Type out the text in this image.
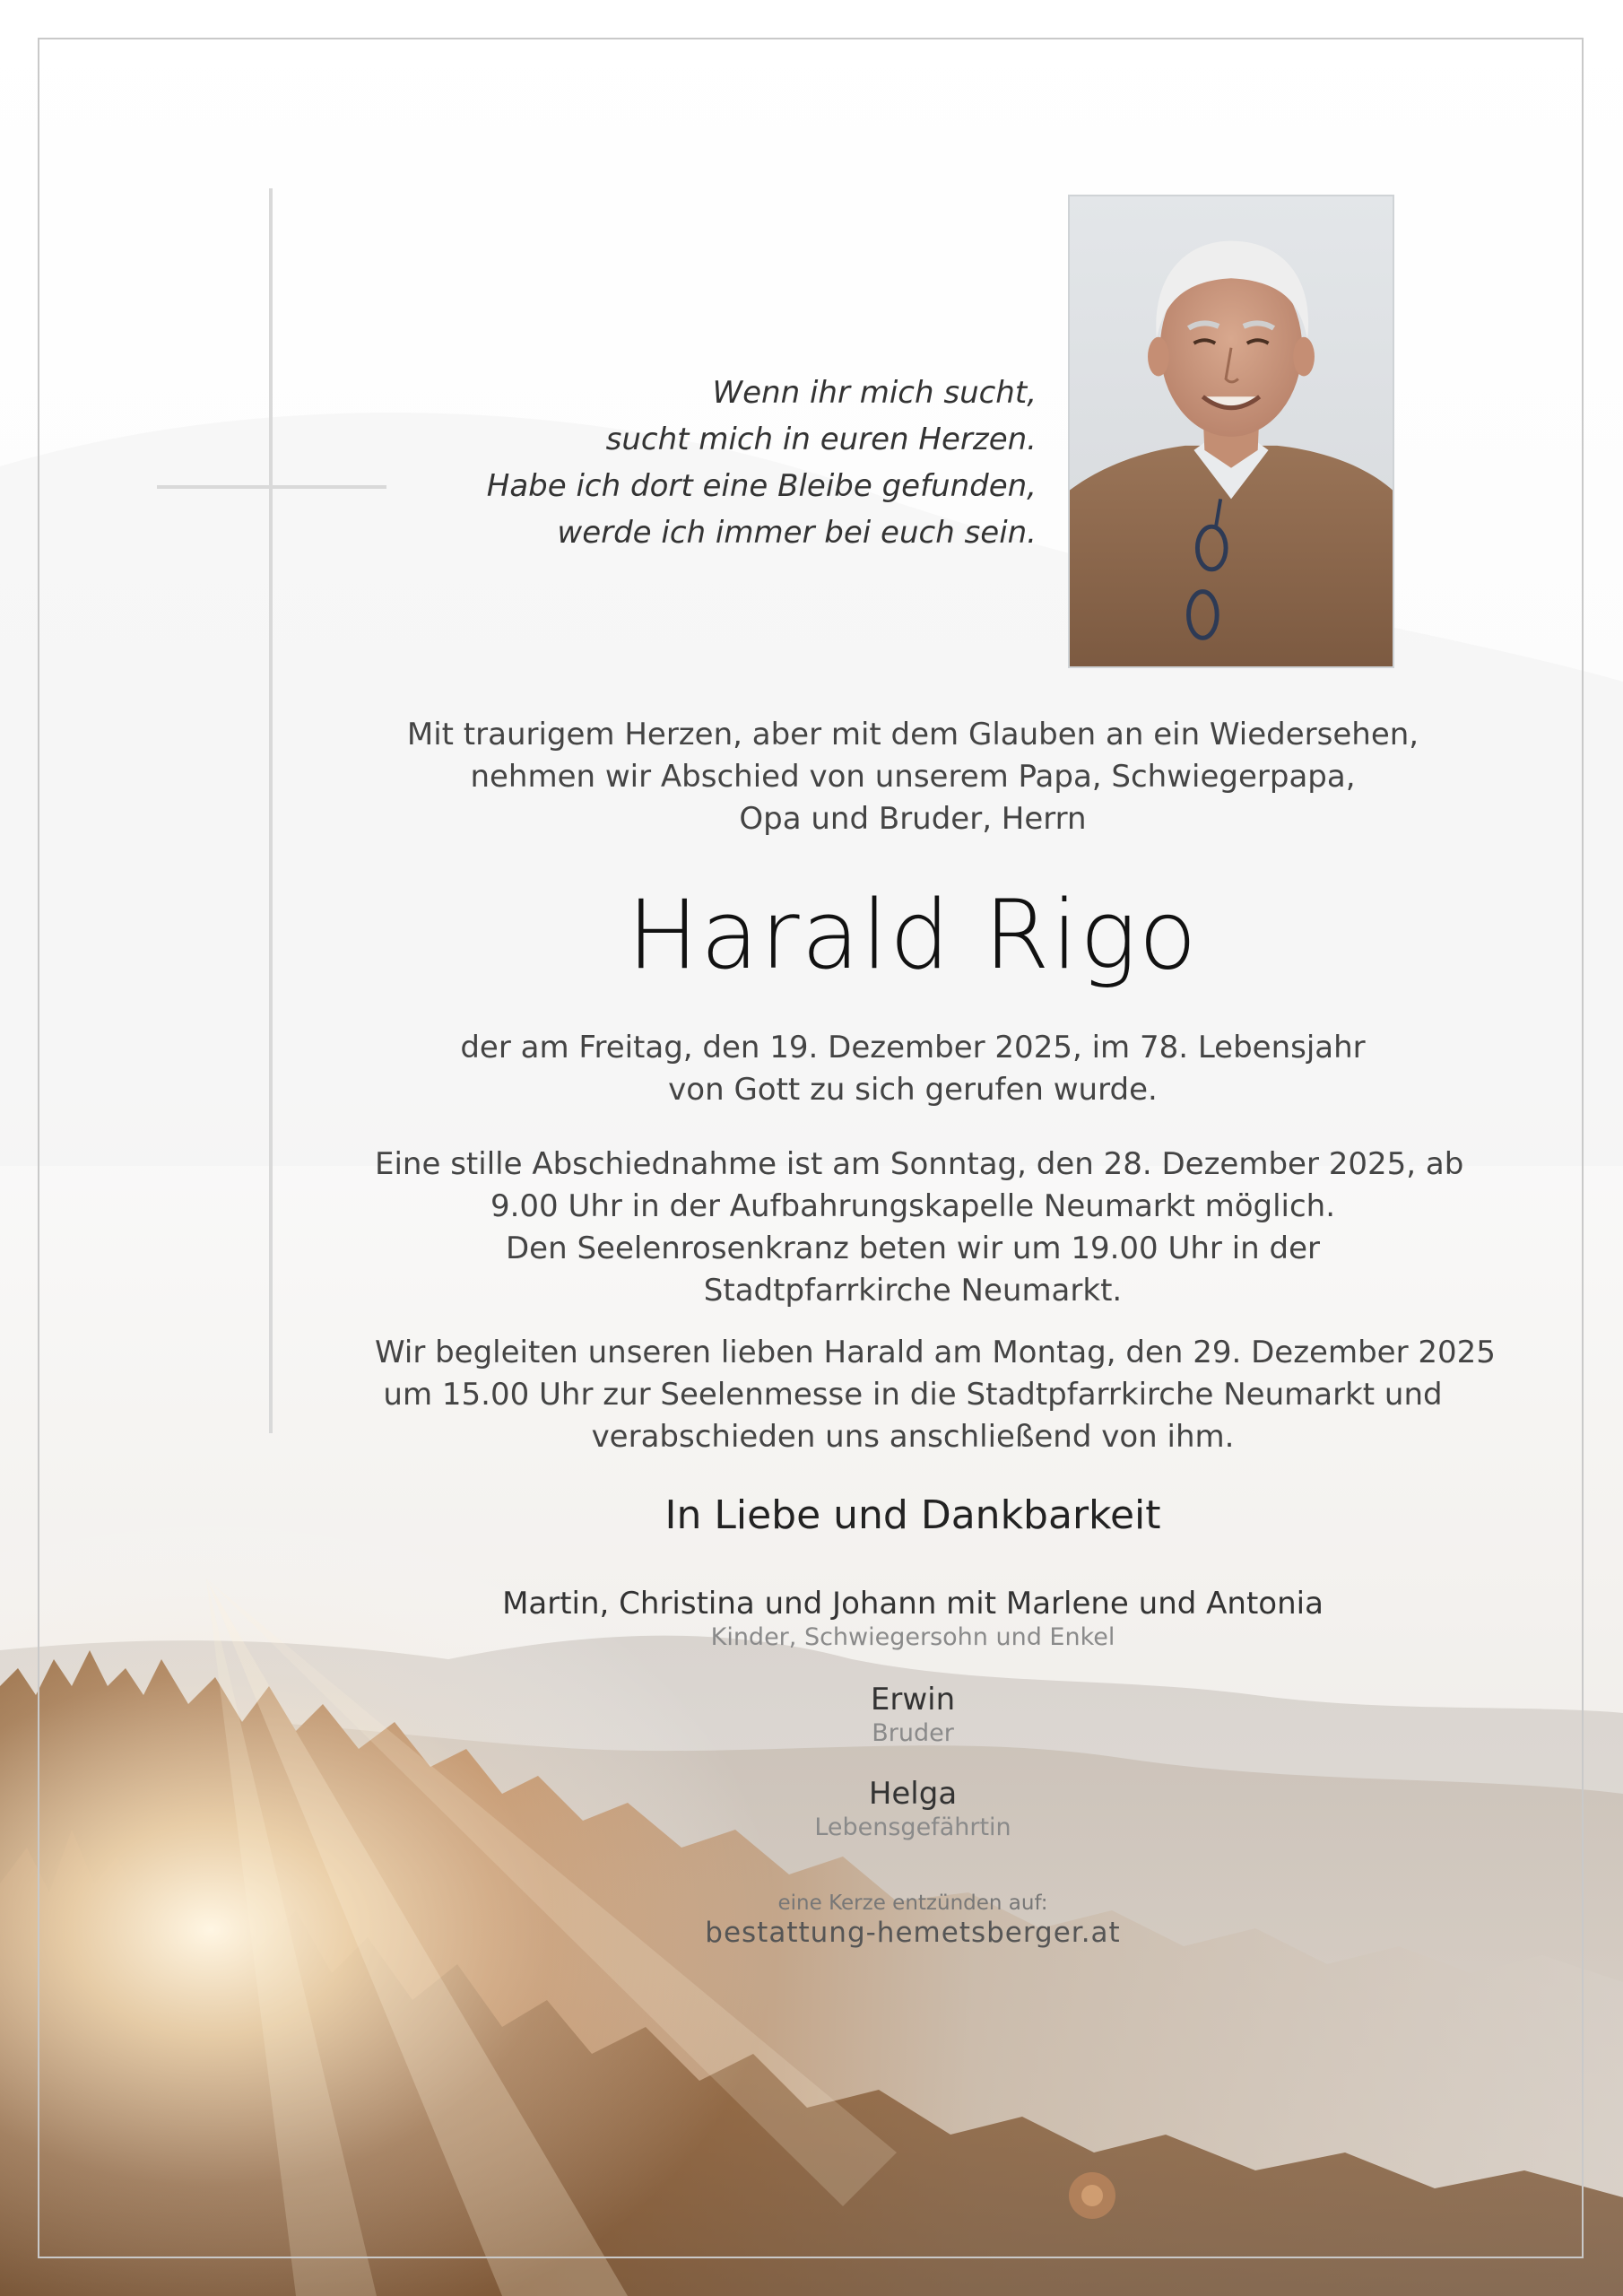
Wenn ihr mich sucht,
sucht mich in euren Herzen.
Habe ich dort eine Bleibe gefunden,
werde ich immer bei euch sein.
Mit traurigem Herzen, aber mit dem Glauben an ein Wiedersehen,
nehmen wir Abschied von unserem Papa, Schwiegerpapa,
Opa und Bruder, Herrn
Harald Rigo
der am Freitag, den 19. Dezember 2025, im 78. Lebensjahr
von Gott zu sich gerufen wurde.
Eine stille Abschiednahme ist am Sonntag, den 28. Dezember 2025, ab
9.00 Uhr in der Aufbahrungskapelle Neumarkt möglich.
Den Seelenrosenkranz beten wir um 19.00 Uhr in der
Stadtpfarrkirche Neumarkt.
Wir begleiten unseren lieben Harald am Montag, den 29. Dezember 2025
um 15.00 Uhr zur Seelenmesse in die Stadtpfarrkirche Neumarkt und
verabschieden uns anschließend von ihm.
In Liebe und Dankbarkeit
Martin, Christina und Johann mit Marlene und Antonia
Kinder, Schwiegersohn und Enkel
Erwin
Bruder
Helga
Lebensgefährtin
eine Kerze entzünden auf:
bestattung-hemetsberger.at
